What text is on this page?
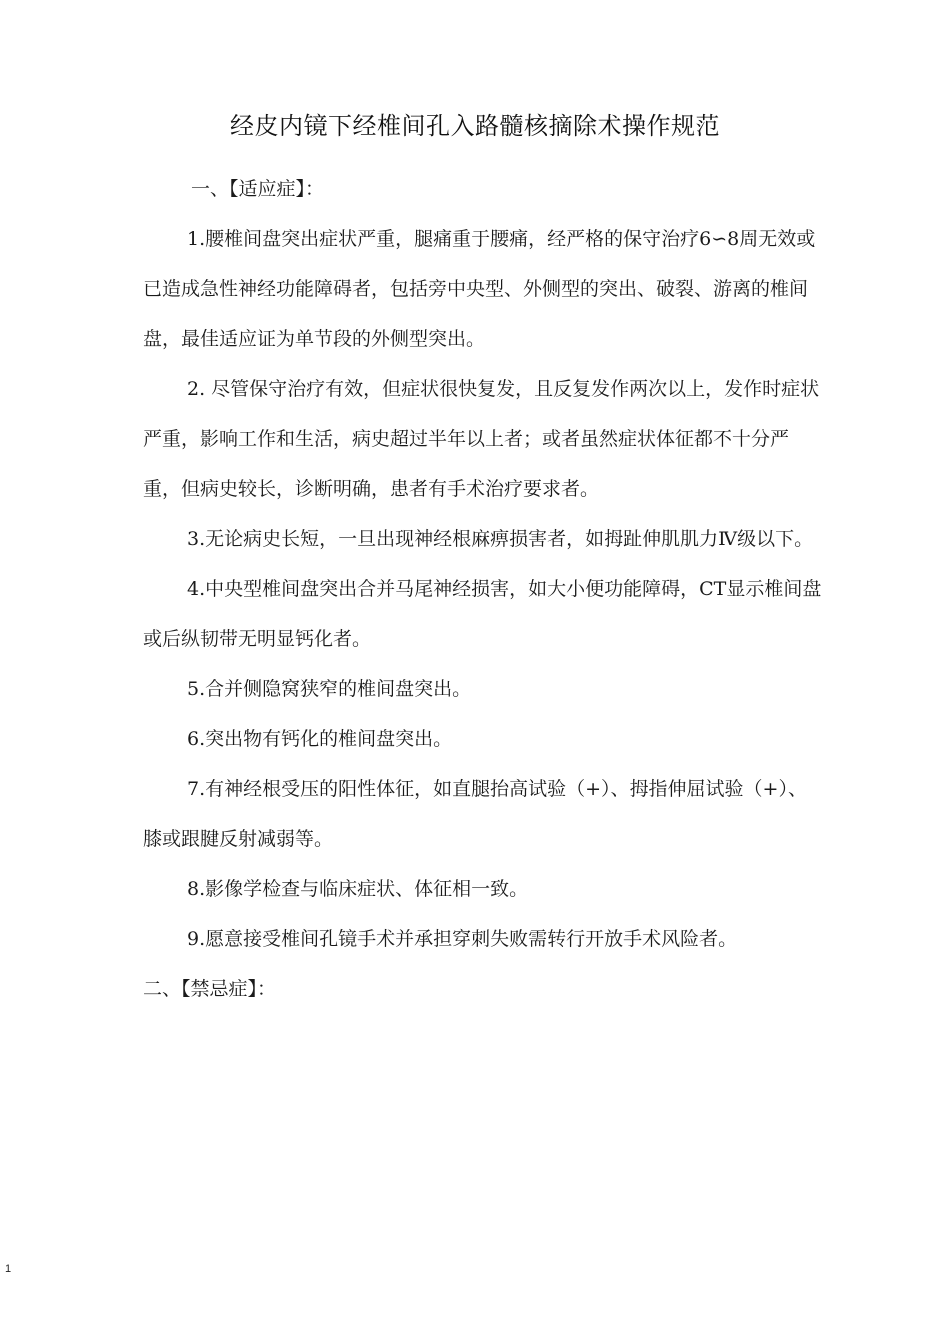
经皮内镜下经椎间孔入路髓核摘除术操作规范

一、【适应症】：

1.腰椎间盘突出症状严重，腿痛重于腰痛，经严格的保守治疗6∽8周无效或已造成急性神经功能障碍者，包括旁中央型、外侧型的突出、破裂、游离的椎间盘，最佳适应证为单节段的外侧型突出。

2. 尽管保守治疗有效，但症状很快复发，且反复发作两次以上，发作时症状严重，影响工作和生活，病史超过半年以上者；或者虽然症状体征都不十分严重，但病史较长，诊断明确，患者有手术治疗要求者。

3.无论病史长短，一旦出现神经根麻痹损害者，如拇趾伸肌肌力Ⅳ级以下。

4.中央型椎间盘突出合并马尾神经损害，如大小便功能障碍，CT显示椎间盘或后纵韧带无明显钙化者。

5.合并侧隐窝狭窄的椎间盘突出。

6.突出物有钙化的椎间盘突出。

7.有神经根受压的阳性体征，如直腿抬高试验（+）、拇指伸屈试验（+）、膝或跟腱反射减弱等。

8.影像学检查与临床症状、体征相一致。

9.愿意接受椎间孔镜手术并承担穿刺失败需转行开放手术风险者。

二、【禁忌症】：

1
